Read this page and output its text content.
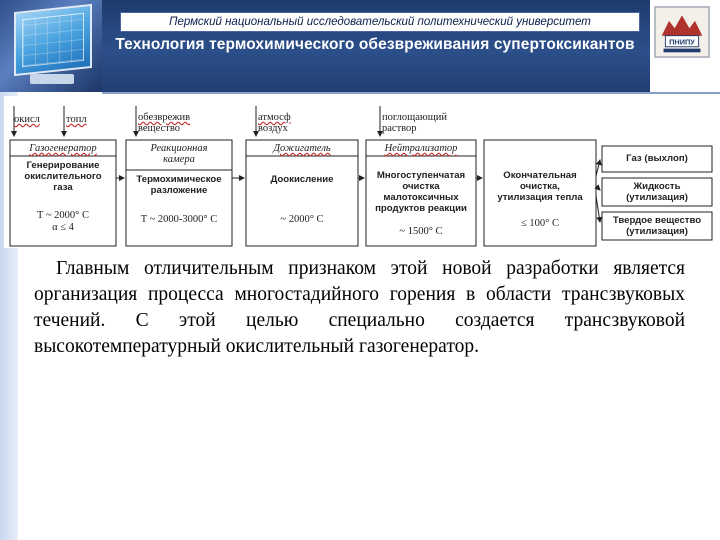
Пермский национальный исследовательский политехнический университет
Технология термохимического обезвреживания супертоксикантов	ПНИПУ
окисл топл	обезврежив
вещество
атмосф
воздух
поглощающий
раствор
Газогенератор
Генерирование
окислительного
газа
T ~ 2000° C
α ≤ 4
Реакционная
камера
Термохимическое
разложение
T ~ 2000-3000° C
Дожигатель
Доокисление
~ 2000° C
Нейтрализатор
Многоступенчатая
очистка
малотоксичных
продуктов реакции
~ 1500° C
Окончательная
очистка,
утилизация тепла
≤ 100° C
Газ (выхлоп)
Жидкость
(утилизация)
Твердое вещество
(утилизация)
Главным отличительным признаком этой новой разработки является организация процесса многостадийного горения в области трансзвуковых течений. С этой целью специально создается трансзвуковой высокотемпературный окислительный газогенератор.
